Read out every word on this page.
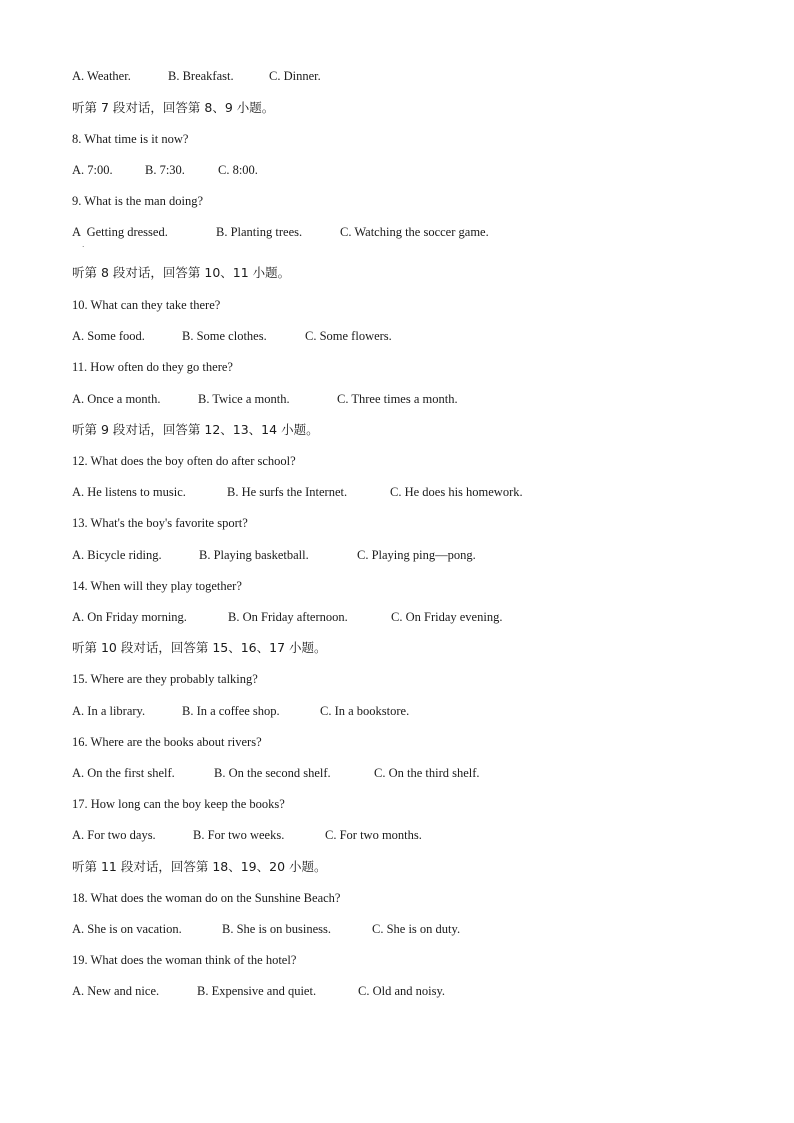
A. Weather.	B. Breakfast.	C. Dinner.
听第 7 段对话，回答第 8、9 小题。
8. What time is it now?
A. 7:00.	B. 7:30.	C. 8:00.
9. What is the man doing?
A  Getting dressed.	B. Planting trees.	C. Watching the soccer game.
·
听第 8 段对话，回答第 10、11 小题。
10. What can they take there?
A. Some food.	B. Some clothes.	C. Some flowers.
11. How often do they go there?
A. Once a month.	B. Twice a month.	C. Three times a month.
听第 9 段对话，回答第 12、13、14 小题。
12. What does the boy often do after school?
A. He listens to music.	B. He surfs the Internet.	C. He does his homework.
13. What's the boy's favorite sport?
A. Bicycle riding.	B. Playing basketball.	C. Playing ping—pong.
14. When will they play together?
A. On Friday morning.	B. On Friday afternoon.	C. On Friday evening.
听第 10 段对话，回答第 15、16、17 小题。
15. Where are they probably talking?
A. In a library.	B. In a coffee shop.	C. In a bookstore.
16. Where are the books about rivers?
A. On the first shelf.	B. On the second shelf.	C. On the third shelf.
17. How long can the boy keep the books?
A. For two days.	B. For two weeks.	C. For two months.
听第 11 段对话，回答第 18、19、20 小题。
18. What does the woman do on the Sunshine Beach?
A. She is on vacation.	B. She is on business.	C. She is on duty.
19. What does the woman think of the hotel?
A. New and nice.	B. Expensive and quiet.	C. Old and noisy.
